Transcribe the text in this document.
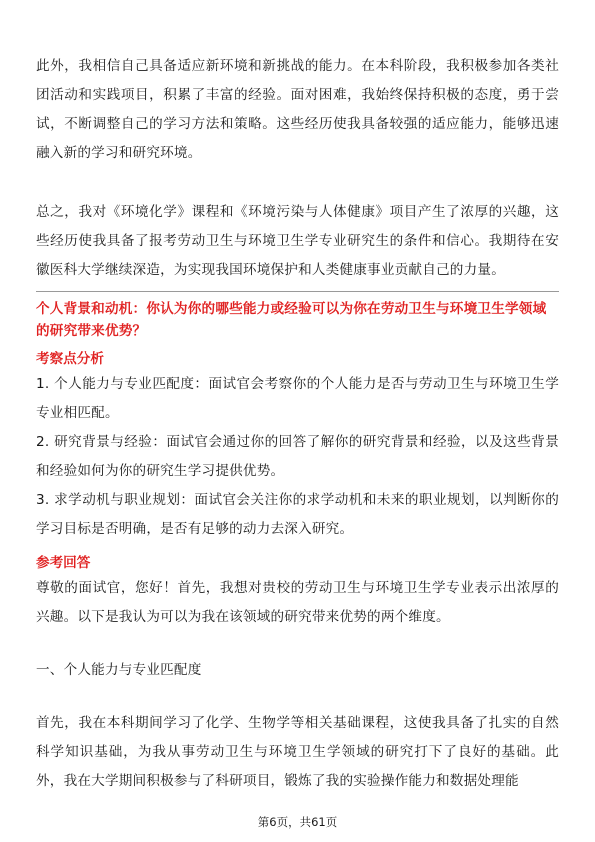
此外，我相信自己具备适应新环境和新挑战的能力。在本科阶段，我积极参加各类社团活动和实践项目，积累了丰富的经验。面对困难，我始终保持积极的态度，勇于尝试，不断调整自己的学习方法和策略。这些经历使我具备较强的适应能力，能够迅速融入新的学习和研究环境。

总之，我对《环境化学》课程和《环境污染与人体健康》项目产生了浓厚的兴趣，这些经历使我具备了报考劳动卫生与环境卫生学专业研究生的条件和信心。我期待在安徽医科大学继续深造，为实现我国环境保护和人类健康事业贡献自己的力量。

个人背景和动机：你认为你的哪些能力或经验可以为你在劳动卫生与环境卫生学领域的研究带来优势？

考察点分析

1. 个人能力与专业匹配度：面试官会考察你的个人能力是否与劳动卫生与环境卫生学专业相匹配。

2. 研究背景与经验：面试官会通过你的回答了解你的研究背景和经验，以及这些背景和经验如何为你的研究生学习提供优势。

3. 求学动机与职业规划：面试官会关注你的求学动机和未来的职业规划，以判断你的学习目标是否明确，是否有足够的动力去深入研究。

参考回答

尊敬的面试官，您好！首先，我想对贵校的劳动卫生与环境卫生学专业表示出浓厚的兴趣。以下是我认为可以为我在该领域的研究带来优势的两个维度。

一、个人能力与专业匹配度

首先，我在本科期间学习了化学、生物学等相关基础课程，这使我具备了扎实的自然科学知识基础，为我从事劳动卫生与环境卫生学领域的研究打下了良好的基础。此外，我在大学期间积极参与了科研项目，锻炼了我的实验操作能力和数据处理能

第6页，共61页
